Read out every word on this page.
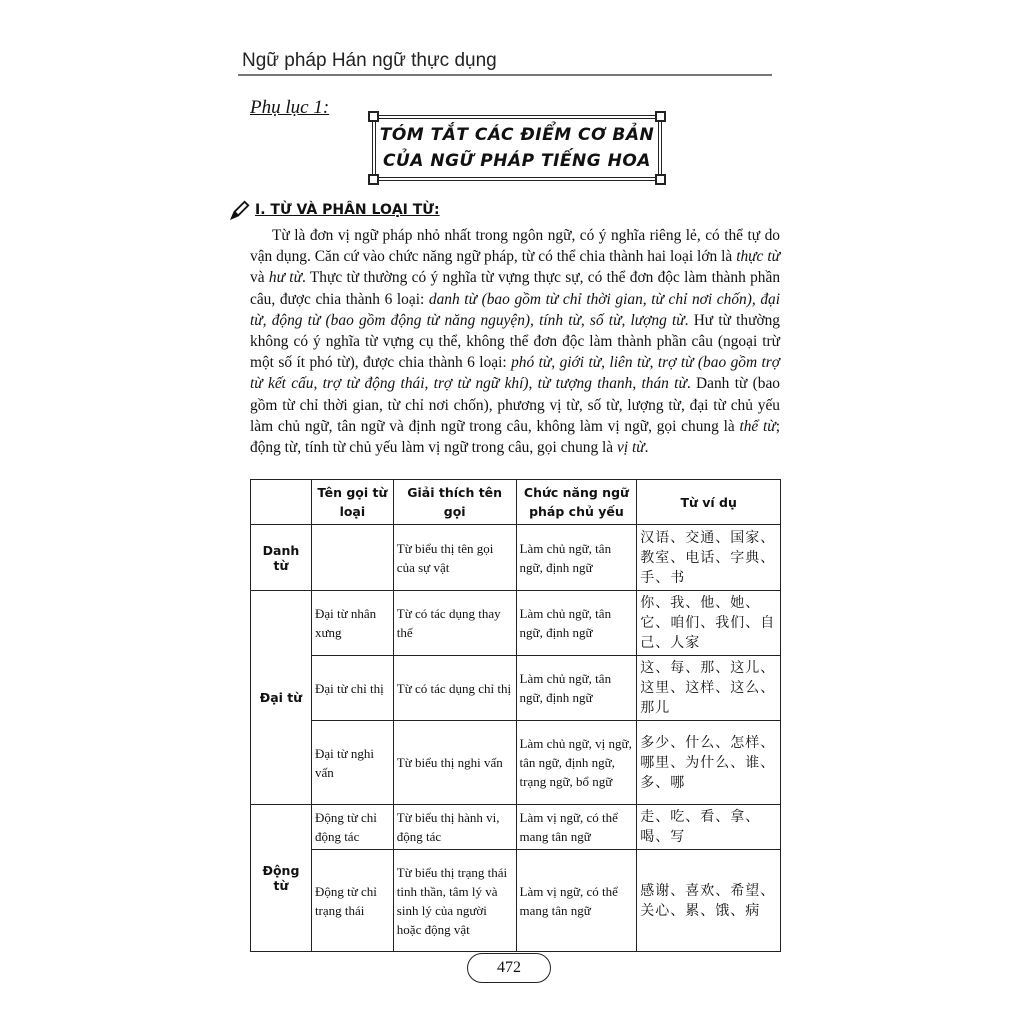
Ngữ pháp Hán ngữ thực dụng
Phụ lục 1:
TÓM TẮT CÁC ĐIỂM CƠ BẢN
CỦA NGỮ PHÁP TIẾNG HOA
I. TỪ VÀ PHÂN LOẠI TỪ:
Từ là đơn vị ngữ pháp nhỏ nhất trong ngôn ngữ, có ý nghĩa riêng lẻ, có thể tự do vận dụng. Căn cứ vào chức năng ngữ pháp, từ có thể chia thành hai loại lớn là thực từ và hư từ. Thực từ thường có ý nghĩa từ vựng thực sự, có thể đơn độc làm thành phần câu, được chia thành 6 loại: danh từ (bao gồm từ chỉ thời gian, từ chỉ nơi chốn), đại từ, động từ (bao gồm động từ năng nguyện), tính từ, số từ, lượng từ. Hư từ thường không có ý nghĩa từ vựng cụ thể, không thể đơn độc làm thành phần câu (ngoại trừ một số ít phó từ), được chia thành 6 loại: phó từ, giới từ, liên từ, trợ từ (bao gồm trợ từ kết cấu, trợ từ động thái, trợ từ ngữ khí), từ tượng thanh, thán từ. Danh từ (bao gồm từ chỉ thời gian, từ chỉ nơi chốn), phương vị từ, số từ, lượng từ, đại từ chủ yếu làm chủ ngữ, tân ngữ và định ngữ trong câu, không làm vị ngữ, gọi chung là thể từ; động từ, tính từ chủ yếu làm vị ngữ trong câu, gọi chung là vị từ.
	Tên gọi từ loại	Giải thích tên gọi	Chức năng ngữ pháp chủ yếu	Từ ví dụ
Danh từ		Từ biểu thị tên gọi của sự vật	Làm chủ ngữ, tân ngữ, định ngữ	汉语、交通、国家、教室、电话、字典、手、书
Đại từ	Đại từ nhân xưng	Từ có tác dụng thay thế	Làm chủ ngữ, tân ngữ, định ngữ	你、我、他、她、它、咱们、我们、自己、人家
	Đại từ chỉ thị	Từ có tác dụng chỉ thị	Làm chủ ngữ, tân ngữ, định ngữ	这、每、那、这儿、这里、这样、这么、那儿
	Đại từ nghi vấn	Từ biểu thị nghi vấn	Làm chủ ngữ, vị ngữ, tân ngữ, định ngữ, trạng ngữ, bổ ngữ	多少、什么、怎样、哪里、为什么、谁、多、哪
Động từ	Động từ chỉ động tác	Từ biểu thị hành vi, động tác	Làm vị ngữ, có thể mang tân ngữ	走、吃、看、拿、喝、写
	Động từ chỉ trạng thái	Từ biểu thị trạng thái tinh thần, tâm lý và sinh lý của người hoặc động vật	Làm vị ngữ, có thể mang tân ngữ	感谢、喜欢、希望、关心、累、饿、病
472
